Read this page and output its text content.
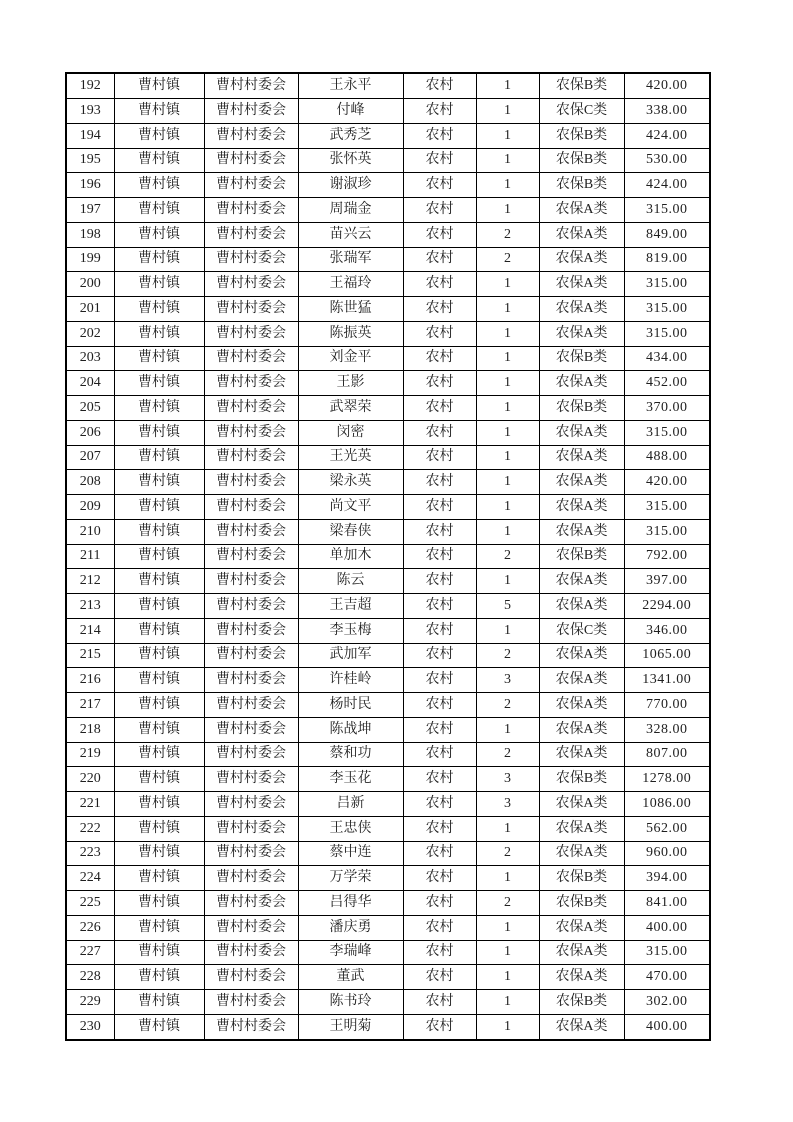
192	曹村镇	曹村村委会	王永平	农村	1	农保B类	420.00
193	曹村镇	曹村村委会	付峰	农村	1	农保C类	338.00
194	曹村镇	曹村村委会	武秀芝	农村	1	农保B类	424.00
195	曹村镇	曹村村委会	张怀英	农村	1	农保B类	530.00
196	曹村镇	曹村村委会	谢淑珍	农村	1	农保B类	424.00
197	曹村镇	曹村村委会	周瑞金	农村	1	农保A类	315.00
198	曹村镇	曹村村委会	苗兴云	农村	2	农保A类	849.00
199	曹村镇	曹村村委会	张瑞军	农村	2	农保A类	819.00
200	曹村镇	曹村村委会	王福玲	农村	1	农保A类	315.00
201	曹村镇	曹村村委会	陈世猛	农村	1	农保A类	315.00
202	曹村镇	曹村村委会	陈振英	农村	1	农保A类	315.00
203	曹村镇	曹村村委会	刘金平	农村	1	农保B类	434.00
204	曹村镇	曹村村委会	王影	农村	1	农保A类	452.00
205	曹村镇	曹村村委会	武翠荣	农村	1	农保B类	370.00
206	曹村镇	曹村村委会	闵密	农村	1	农保A类	315.00
207	曹村镇	曹村村委会	王光英	农村	1	农保A类	488.00
208	曹村镇	曹村村委会	梁永英	农村	1	农保A类	420.00
209	曹村镇	曹村村委会	尚文平	农村	1	农保A类	315.00
210	曹村镇	曹村村委会	梁春侠	农村	1	农保A类	315.00
211	曹村镇	曹村村委会	单加木	农村	2	农保B类	792.00
212	曹村镇	曹村村委会	陈云	农村	1	农保A类	397.00
213	曹村镇	曹村村委会	王吉超	农村	5	农保A类	2294.00
214	曹村镇	曹村村委会	李玉梅	农村	1	农保C类	346.00
215	曹村镇	曹村村委会	武加军	农村	2	农保A类	1065.00
216	曹村镇	曹村村委会	许桂岭	农村	3	农保A类	1341.00
217	曹村镇	曹村村委会	杨时民	农村	2	农保A类	770.00
218	曹村镇	曹村村委会	陈战坤	农村	1	农保A类	328.00
219	曹村镇	曹村村委会	蔡和功	农村	2	农保A类	807.00
220	曹村镇	曹村村委会	李玉花	农村	3	农保B类	1278.00
221	曹村镇	曹村村委会	吕新	农村	3	农保A类	1086.00
222	曹村镇	曹村村委会	王忠侠	农村	1	农保A类	562.00
223	曹村镇	曹村村委会	蔡中连	农村	2	农保A类	960.00
224	曹村镇	曹村村委会	万学荣	农村	1	农保B类	394.00
225	曹村镇	曹村村委会	吕得华	农村	2	农保B类	841.00
226	曹村镇	曹村村委会	潘庆勇	农村	1	农保A类	400.00
227	曹村镇	曹村村委会	李瑞峰	农村	1	农保A类	315.00
228	曹村镇	曹村村委会	董武	农村	1	农保A类	470.00
229	曹村镇	曹村村委会	陈书玲	农村	1	农保B类	302.00
230	曹村镇	曹村村委会	王明菊	农村	1	农保A类	400.00
